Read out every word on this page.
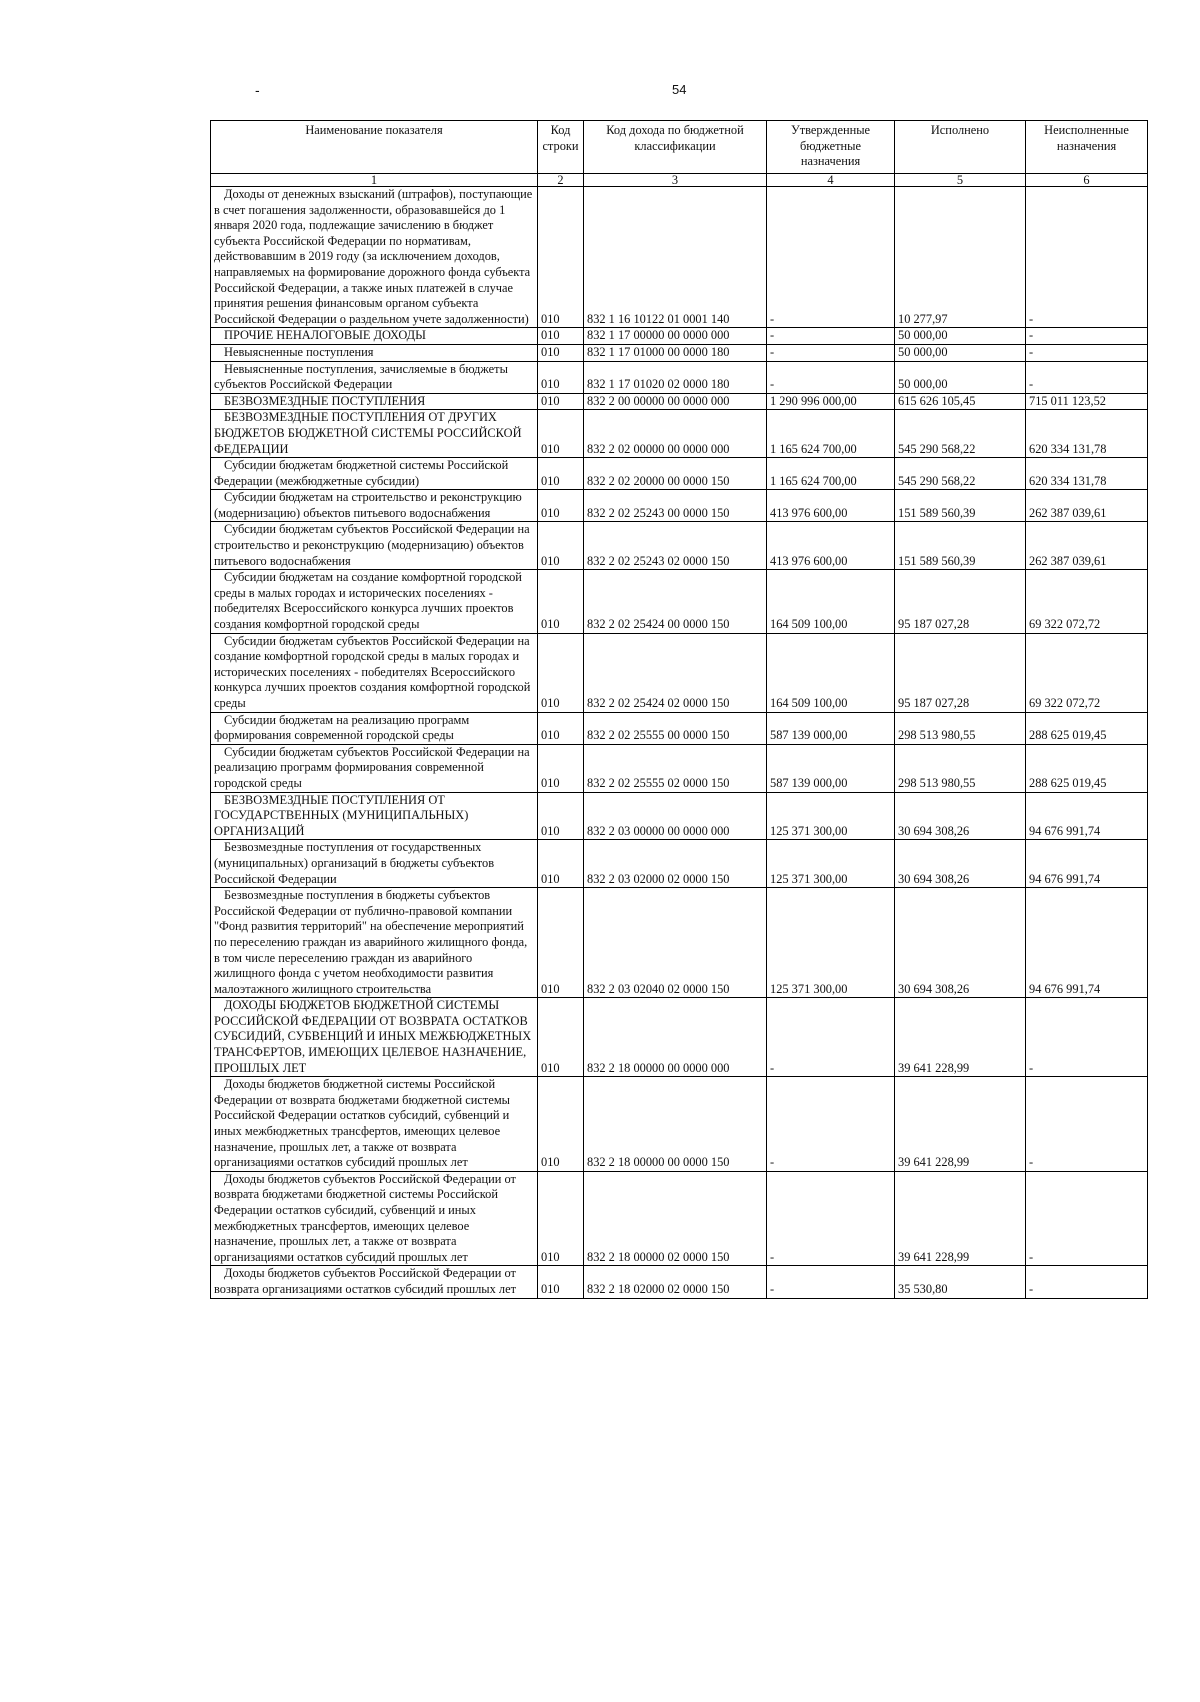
-	54
Наименование показателя	Код строки	Код дохода по бюджетной классификации	Утвержденные бюджетные назначения	Исполнено	Неисполненные назначения
1	2	3	4	5	6
Доходы от денежных взысканий (штрафов), поступающие в счет погашения задолженности, образовавшейся до 1 января 2020 года, подлежащие зачислению в бюджет субъекта Российской Федерации по нормативам, действовавшим в 2019 году (за исключением доходов, направляемых на формирование дорожного фонда субъекта Российской Федерации, а также иных платежей в случае принятия решения финансовым органом субъекта Российской Федерации о раздельном учете задолженности)	010	832 1 16 10122 01 0001 140	-	10 277,97	-
ПРОЧИЕ НЕНАЛОГОВЫЕ ДОХОДЫ	010	832 1 17 00000 00 0000 000	-	50 000,00	-
Невыясненные поступления	010	832 1 17 01000 00 0000 180	-	50 000,00	-
Невыясненные поступления, зачисляемые в бюджеты субъектов Российской Федерации	010	832 1 17 01020 02 0000 180	-	50 000,00	-
БЕЗВОЗМЕЗДНЫЕ ПОСТУПЛЕНИЯ	010	832 2 00 00000 00 0000 000	1 290 996 000,00	615 626 105,45	715 011 123,52
БЕЗВОЗМЕЗДНЫЕ ПОСТУПЛЕНИЯ ОТ ДРУГИХ БЮДЖЕТОВ БЮДЖЕТНОЙ СИСТЕМЫ РОССИЙСКОЙ ФЕДЕРАЦИИ	010	832 2 02 00000 00 0000 000	1 165 624 700,00	545 290 568,22	620 334 131,78
Субсидии бюджетам бюджетной системы Российской Федерации (межбюджетные субсидии)	010	832 2 02 20000 00 0000 150	1 165 624 700,00	545 290 568,22	620 334 131,78
Субсидии бюджетам на строительство и реконструкцию (модернизацию) объектов питьевого водоснабжения	010	832 2 02 25243 00 0000 150	413 976 600,00	151 589 560,39	262 387 039,61
Субсидии бюджетам субъектов Российской Федерации на строительство и реконструкцию (модернизацию) объектов питьевого водоснабжения	010	832 2 02 25243 02 0000 150	413 976 600,00	151 589 560,39	262 387 039,61
Субсидии бюджетам на создание комфортной городской среды в малых городах и исторических поселениях - победителях Всероссийского конкурса лучших проектов создания комфортной городской среды	010	832 2 02 25424 00 0000 150	164 509 100,00	95 187 027,28	69 322 072,72
Субсидии бюджетам субъектов Российской Федерации на создание комфортной городской среды в малых городах и исторических поселениях - победителях Всероссийского конкурса лучших проектов создания комфортной городской среды	010	832 2 02 25424 02 0000 150	164 509 100,00	95 187 027,28	69 322 072,72
Субсидии бюджетам на реализацию программ формирования современной городской среды	010	832 2 02 25555 00 0000 150	587 139 000,00	298 513 980,55	288 625 019,45
Субсидии бюджетам субъектов Российской Федерации на реализацию программ формирования современной городской среды	010	832 2 02 25555 02 0000 150	587 139 000,00	298 513 980,55	288 625 019,45
БЕЗВОЗМЕЗДНЫЕ ПОСТУПЛЕНИЯ ОТ ГОСУДАРСТВЕННЫХ (МУНИЦИПАЛЬНЫХ) ОРГАНИЗАЦИЙ	010	832 2 03 00000 00 0000 000	125 371 300,00	30 694 308,26	94 676 991,74
Безвозмездные поступления от государственных (муниципальных) организаций в бюджеты субъектов Российской Федерации	010	832 2 03 02000 02 0000 150	125 371 300,00	30 694 308,26	94 676 991,74
Безвозмездные поступления в бюджеты субъектов Российской Федерации от публично-правовой компании "Фонд развития территорий" на обеспечение мероприятий по переселению граждан из аварийного жилищного фонда, в том числе переселению граждан из аварийного жилищного фонда с учетом необходимости развития малоэтажного жилищного строительства	010	832 2 03 02040 02 0000 150	125 371 300,00	30 694 308,26	94 676 991,74
ДОХОДЫ БЮДЖЕТОВ БЮДЖЕТНОЙ СИСТЕМЫ РОССИЙСКОЙ ФЕДЕРАЦИИ ОТ ВОЗВРАТА ОСТАТКОВ СУБСИДИЙ, СУБВЕНЦИЙ И ИНЫХ МЕЖБЮДЖЕТНЫХ ТРАНСФЕРТОВ, ИМЕЮЩИХ ЦЕЛЕВОЕ НАЗНАЧЕНИЕ, ПРОШЛЫХ ЛЕТ	010	832 2 18 00000 00 0000 000	-	39 641 228,99	-
Доходы бюджетов бюджетной системы Российской Федерации от возврата бюджетами бюджетной системы Российской Федерации остатков субсидий, субвенций и иных межбюджетных трансфертов, имеющих целевое назначение, прошлых лет, а также от возврата организациями остатков субсидий прошлых лет	010	832 2 18 00000 00 0000 150	-	39 641 228,99	-
Доходы бюджетов субъектов Российской Федерации от возврата бюджетами бюджетной системы Российской Федерации остатков субсидий, субвенций и иных межбюджетных трансфертов, имеющих целевое назначение, прошлых лет, а также от возврата организациями остатков субсидий прошлых лет	010	832 2 18 00000 02 0000 150	-	39 641 228,99	-
Доходы бюджетов субъектов Российской Федерации от возврата организациями остатков субсидий прошлых лет	010	832 2 18 02000 02 0000 150	-	35 530,80	-
